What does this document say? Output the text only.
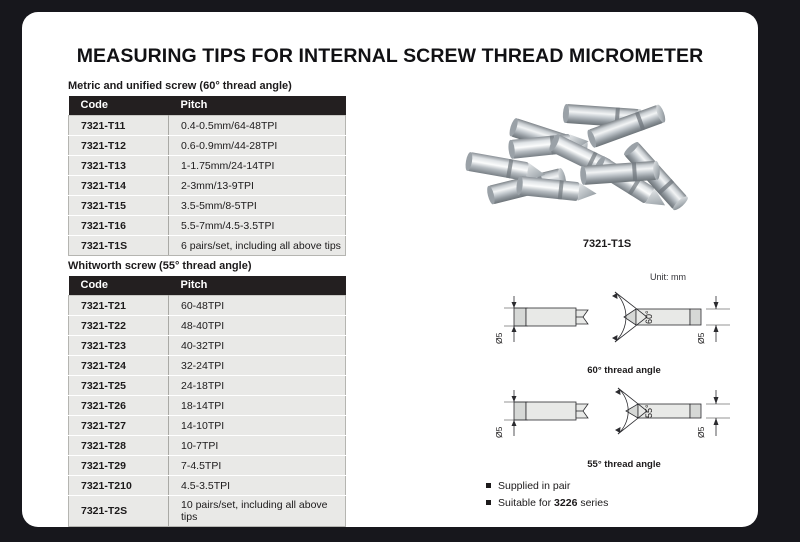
MEASURING TIPS FOR INTERNAL SCREW THREAD MICROMETER
Metric and unified screw (60° thread angle)
Code	Pitch
7321-T11	0.4-0.5mm/64-48TPI
7321-T12	0.6-0.9mm/44-28TPI
7321-T13	1-1.75mm/24-14TPI
7321-T14	2-3mm/13-9TPI
7321-T15	3.5-5mm/8-5TPI
7321-T16	5.5-7mm/4.5-3.5TPI
7321-T1S	6 pairs/set, including all above tips
Whitworth screw (55° thread angle)
Code	Pitch
7321-T21	60-48TPI
7321-T22	48-40TPI
7321-T23	40-32TPI
7321-T24	32-24TPI
7321-T25	24-18TPI
7321-T26	18-14TPI
7321-T27	14-10TPI
7321-T28	10-7TPI
7321-T29	7-4.5TPI
7321-T210	4.5-3.5TPI
7321-T2S	10 pairs/set, including all above tips
7321-T1S
Unit: mm
Ø5	Ø5
60°
60° thread angle
Ø5	Ø5
55°
55° thread angle
Supplied in pair
Suitable for 3226 series
